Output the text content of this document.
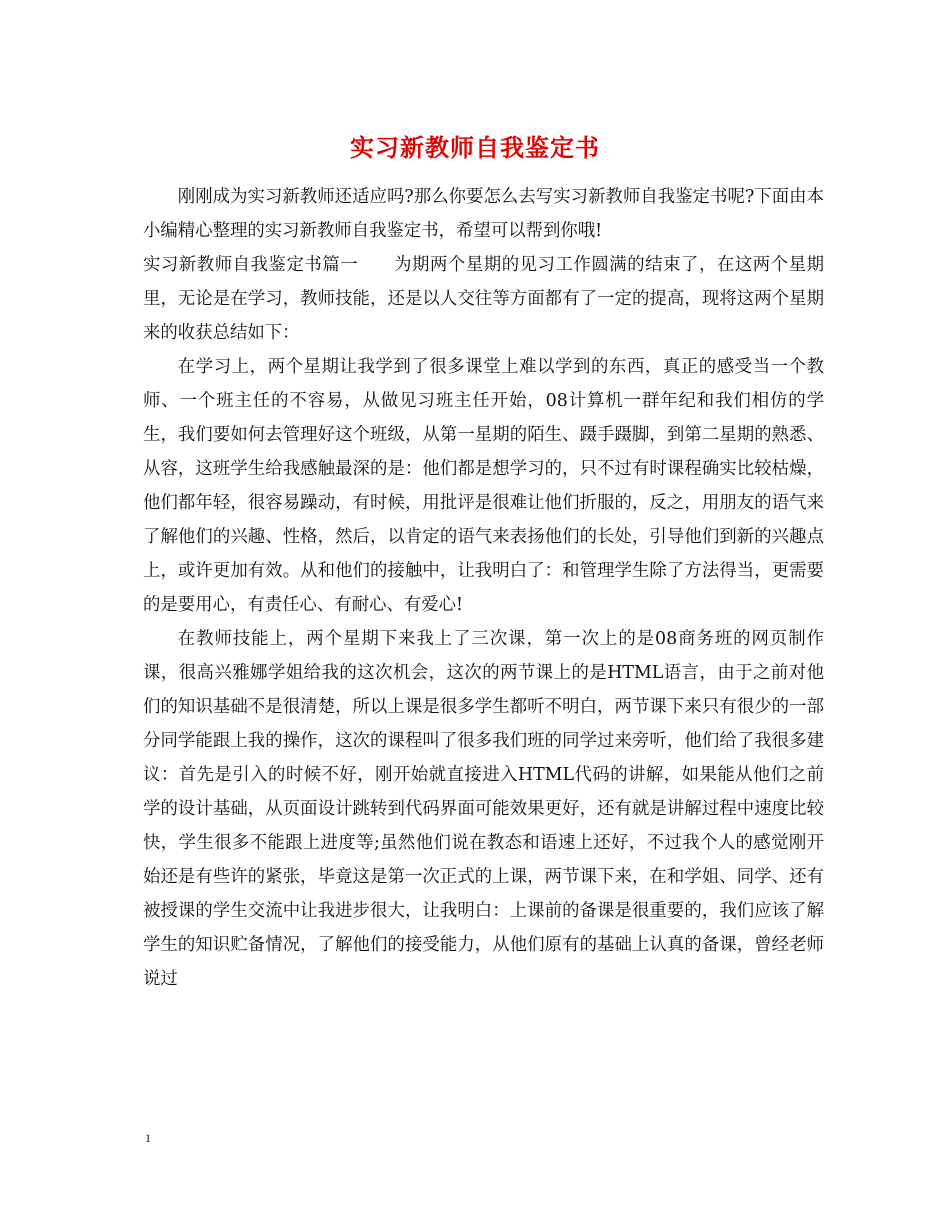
实习新教师自我鉴定书

刚刚成为实习新教师还适应吗?那么你要怎么去写实习新教师自我鉴定书呢?下面由本小编精心整理的实习新教师自我鉴定书，希望可以帮到你哦!

实习新教师自我鉴定书篇一　　为期两个星期的见习工作圆满的结束了，在这两个星期里，无论是在学习，教师技能，还是以人交往等方面都有了一定的提高，现将这两个星期来的收获总结如下：

在学习上，两个星期让我学到了很多课堂上难以学到的东西，真正的感受当一个教师、一个班主任的不容易，从做见习班主任开始，08计算机一群年纪和我们相仿的学生，我们要如何去管理好这个班级，从第一星期的陌生、蹑手蹑脚，到第二星期的熟悉、从容，这班学生给我感触最深的是：他们都是想学习的，只不过有时课程确实比较枯燥，他们都年轻，很容易躁动，有时候，用批评是很难让他们折服的，反之，用朋友的语气来了解他们的兴趣、性格，然后，以肯定的语气来表扬他们的长处，引导他们到新的兴趣点上，或许更加有效。从和他们的接触中，让我明白了：和管理学生除了方法得当，更需要的是要用心，有责任心、有耐心、有爱心!

在教师技能上，两个星期下来我上了三次课，第一次上的是08商务班的网页制作课，很高兴雅娜学姐给我的这次机会，这次的两节课上的是HTML语言，由于之前对他们的知识基础不是很清楚，所以上课是很多学生都听不明白，两节课下来只有很少的一部分同学能跟上我的操作，这次的课程叫了很多我们班的同学过来旁听，他们给了我很多建议：首先是引入的时候不好，刚开始就直接进入HTML代码的讲解，如果能从他们之前学的设计基础，从页面设计跳转到代码界面可能效果更好，还有就是讲解过程中速度比较快，学生很多不能跟上进度等;虽然他们说在教态和语速上还好，不过我个人的感觉刚开始还是有些许的紧张，毕竟这是第一次正式的上课，两节课下来，在和学姐、同学、还有被授课的学生交流中让我进步很大，让我明白：上课前的备课是很重要的，我们应该了解学生的知识贮备情况，了解他们的接受能力，从他们原有的基础上认真的备课，曾经老师说过

1
